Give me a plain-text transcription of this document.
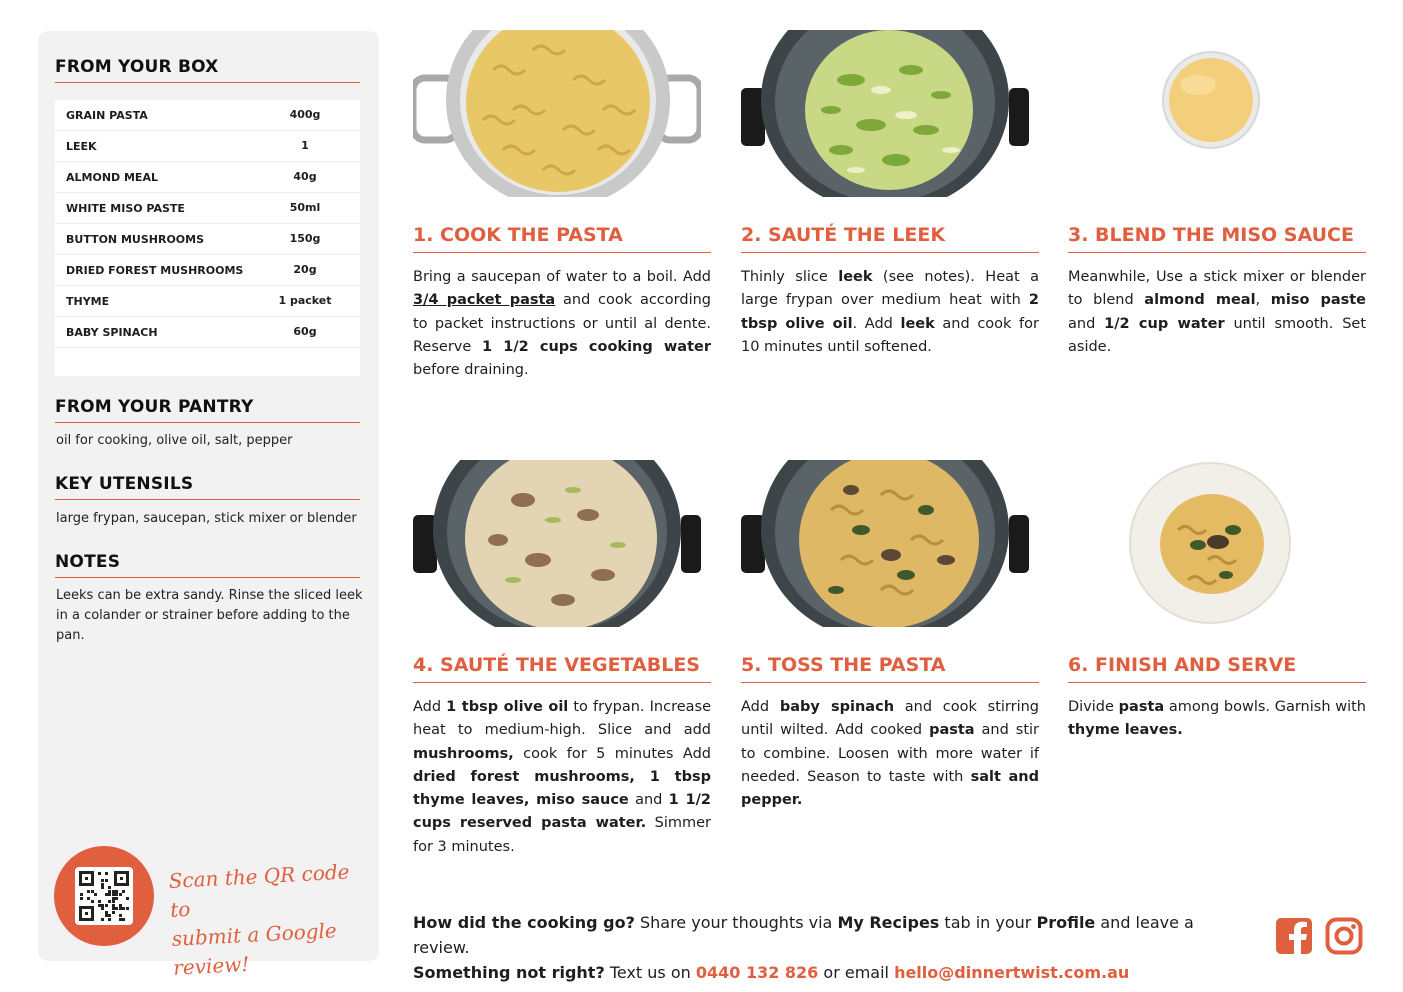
FROM YOUR BOX
GRAIN PASTA	400g
LEEK	1
ALMOND MEAL	40g
WHITE MISO PASTE	50ml
BUTTON MUSHROOMS	150g
DRIED FOREST MUSHROOMS	20g
THYME	1 packet
BABY SPINACH	60g
FROM YOUR PANTRY
oil for cooking, olive oil, salt, pepper
KEY UTENSILS
large frypan, saucepan, stick mixer or blender
NOTES
Leeks can be extra sandy. Rinse the sliced leek in a colander or strainer before adding to the pan.
Scan the QR code to
submit a Google review!
1. COOK THE PASTA
Bring a saucepan of water to a boil. Add 3/4 packet pasta and cook according to packet instructions or until al dente. Reserve 1 1/2 cups cooking water before draining.
2. SAUTÉ THE LEEK
Thinly slice leek (see notes). Heat a large frypan over medium heat with 2 tbsp olive oil. Add leek and cook for 10 minutes until softened.
3. BLEND THE MISO SAUCE
Meanwhile, Use a stick mixer or blender to blend almond meal, miso paste and 1/2 cup water until smooth. Set aside.
4. SAUTÉ THE VEGETABLES
Add 1 tbsp olive oil to frypan. Increase heat to medium-high. Slice and add mushrooms, cook for 5 minutes Add dried forest mushrooms, 1 tbsp thyme leaves, miso sauce and 1 1/2 cups reserved pasta water. Simmer for 3 minutes.
5. TOSS THE PASTA
Add baby spinach and cook stirring until wilted. Add cooked pasta and stir to combine. Loosen with more water if needed. Season to taste with salt and pepper.
6. FINISH AND SERVE
Divide pasta among bowls. Garnish with thyme leaves.
How did the cooking go? Share your thoughts via My Recipes tab in your Profile and leave a review.
Something not right? Text us on 0440 132 826 or email hello@dinnertwist.com.au
